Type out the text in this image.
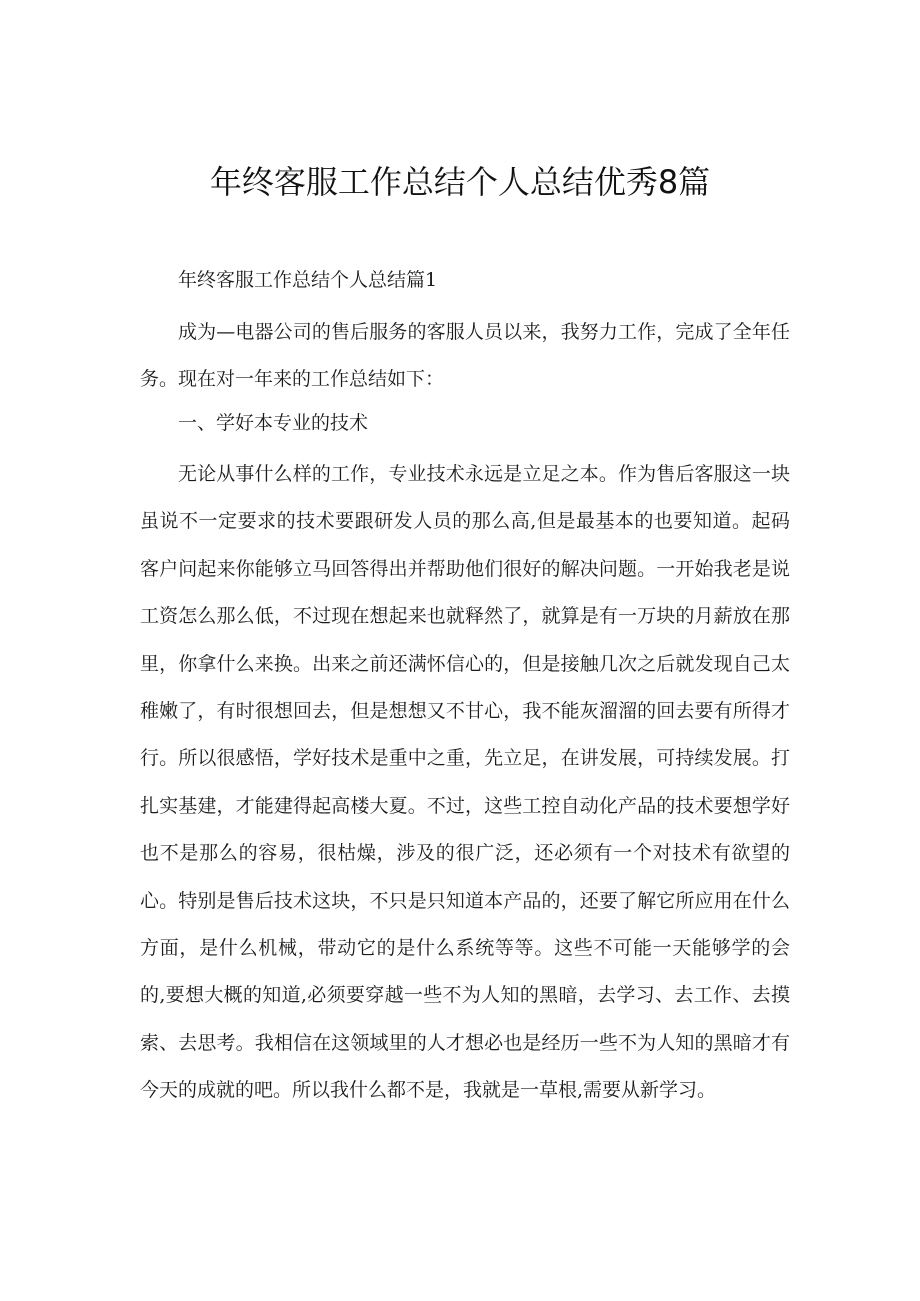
年终客服工作总结个人总结优秀8篇

年终客服工作总结个人总结篇1

成为—电器公司的售后服务的客服人员以来，我努力工作，完成了全年任务。现在对一年来的工作总结如下：

一、学好本专业的技术

无论从事什么样的工作，专业技术永远是立足之本。作为售后客服这一块虽说不一定要求的技术要跟研发人员的那么高,但是最基本的也要知道。起码客户问起来你能够立马回答得出并帮助他们很好的解决问题。一开始我老是说工资怎么那么低，不过现在想起来也就释然了，就算是有一万块的月薪放在那里，你拿什么来换。出来之前还满怀信心的，但是接触几次之后就发现自己太稚嫩了，有时很想回去，但是想想又不甘心，我不能灰溜溜的回去要有所得才行。所以很感悟，学好技术是重中之重，先立足，在讲发展，可持续发展。打扎实基建，才能建得起高楼大夏。不过，这些工控自动化产品的技术要想学好也不是那么的容易，很枯燥，涉及的很广泛，还必须有一个对技术有欲望的心。特别是售后技术这块，不只是只知道本产品的，还要了解它所应用在什么方面，是什么机械，带动它的是什么系统等等。这些不可能一天能够学的会的,要想大概的知道,必须要穿越一些不为人知的黑暗，去学习、去工作、去摸索、去思考。我相信在这领域里的人才想必也是经历一些不为人知的黑暗才有今天的成就的吧。所以我什么都不是，我就是一草根,需要从新学习。
